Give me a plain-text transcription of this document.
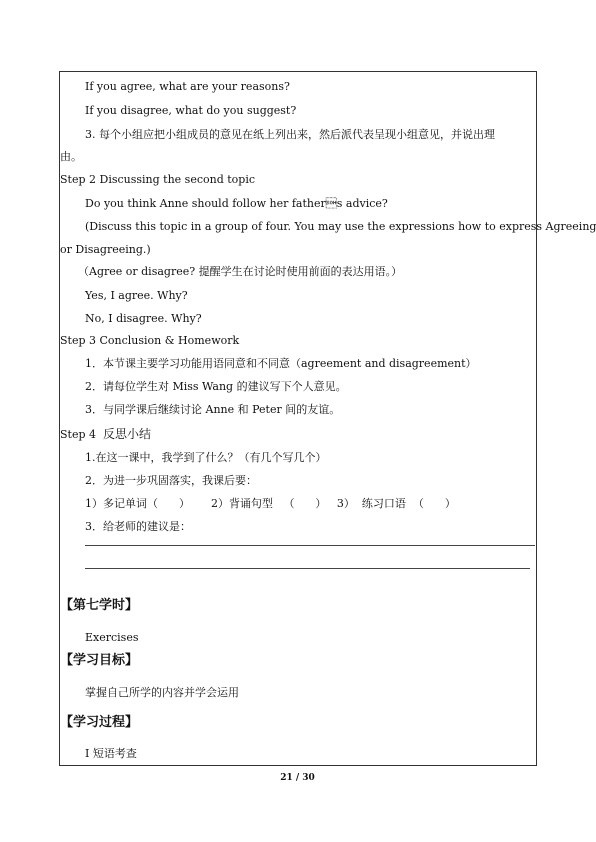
If you agree, what are your reasons?
If you disagree, what do you suggest?
3. 每个小组应把小组成员的意见在纸上列出来，然后派代表呈现小组意见，并说出理
由。
Step 2 Discussing the second topic
Do you think Anne should follow her fathers advice?
(Discuss this topic in a group of four. You may use the expressions how to express Agreeing
or Disagreeing.)
（Agree or disagree? 提醒学生在讨论时使用前面的表达用语。）
Yes, I agree. Why?
No, I disagree. Why?
Step 3 Conclusion & Homework
1．本节课主要学习功能用语同意和不同意（agreement and disagreement）
2．请每位学生对 Miss Wang 的建议写下个人意见。
3．与同学课后继续讨论 Anne 和 Peter 间的友谊。
Step 4  反思小结
1.在这一课中，我学到了什么？（有几个写几个）
2．为进一步巩固落实，我课后要：
1）多记单词（      ）      2）背诵句型   （      ）   3）  练习口语  （      ）
3．给老师的建议是：
【第七学时】
Exercises
【学习目标】
掌握自己所学的内容并学会运用
【学习过程】
I 短语考查
21 / 30
